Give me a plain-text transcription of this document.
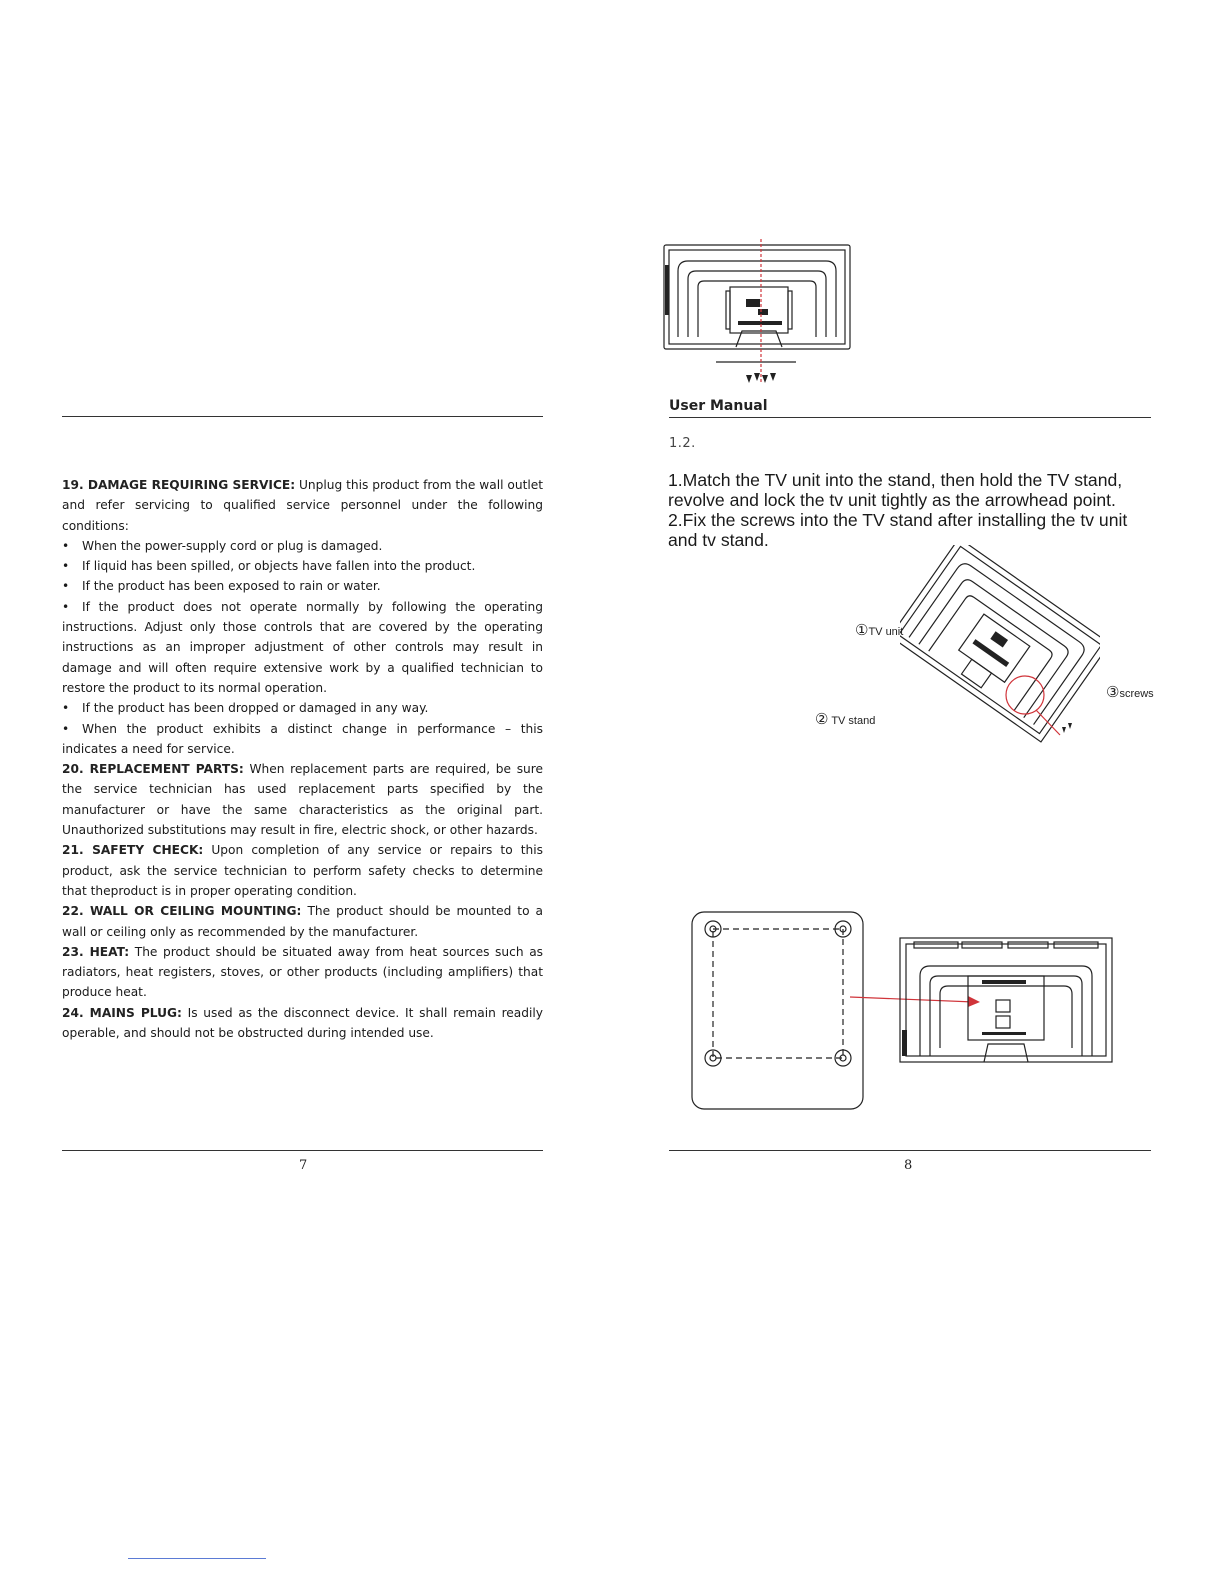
19. DAMAGE REQUIRING SERVICE: Unplug this product from the wall outlet and refer servicing to qualified service personnel under the following conditions:

• When the power-supply cord or plug is damaged.

• If liquid has been spilled, or objects have fallen into the product.

• If the product has been exposed to rain or water.

• If the product does not operate normally by following the operating instructions. Adjust only those controls that are covered by the operating instructions as an improper adjustment of other controls may result in damage and will often require extensive work by a qualified technician to restore the product to its normal operation.

• If the product has been dropped or damaged in any way.

• When the product exhibits a distinct change in performance – this indicates a need for service.

20. REPLACEMENT PARTS: When replacement parts are required, be sure the service technician has used replacement parts specified by the manufacturer or have the same characteristics as the original part. Unauthorized substitutions may result in fire, electric shock, or other hazards.

21. SAFETY CHECK: Upon completion of any service or repairs to this product, ask the service technician to perform safety checks to determine that theproduct is in proper operating condition.

22. WALL OR CEILING MOUNTING: The product should be mounted to a wall or ceiling only as recommended by the manufacturer.

23. HEAT: The product should be situated away from heat sources such as radiators, heat registers, stoves, or other products (including amplifiers) that produce heat.

24. MAINS PLUG: Is used as the disconnect device. It shall remain readily operable, and should not be obstructed during intended use.

7
User Manual
1.2.

1.Match the TV unit into the stand, then hold the TV stand, revolve and lock the tv unit tightly as the arrowhead point.

2.Fix the screws into the TV stand after installing the tv unit and tv stand.

①TV unit
② TV stand
③screws
8
